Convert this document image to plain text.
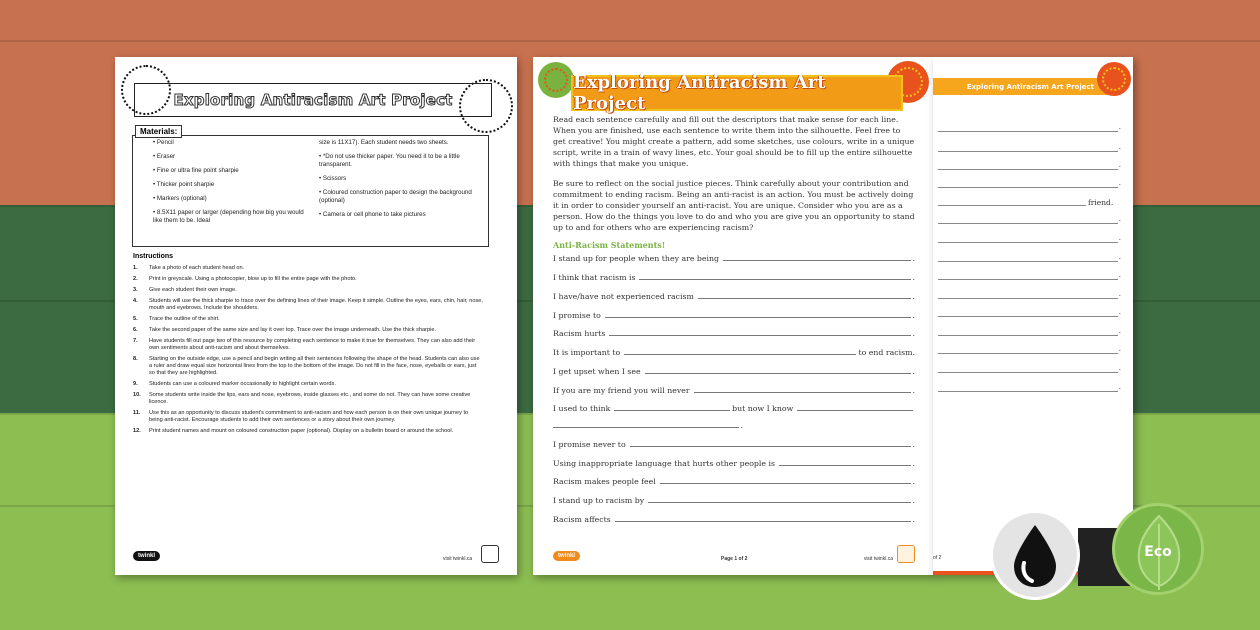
Exploring Antiracism Art Project
Materials:
• Pencil
• Eraser
• Fine or ultra fine point sharpie
• Thicker point sharpie
• Markers (optional)
• 8.5X11 paper or larger (depending how big you would like them to be. Ideal
size is 11X17). Each student needs two sheets.
• *Do not use thicker paper. You need it to be a little transparent.
• Scissors
• Coloured construction paper to design the background (optional)
• Camera or cell phone to take pictures
Instructions
1.	Take a photo of each student head on.
2.	Print in greyscale. Using a photocopier, blow up to fill the entire page with the photo.
3.	Give each student their own image.
4.	Students will use the thick sharpie to trace over the defining lines of their image. Keep it simple. Outline the eyes, ears, chin, hair, nose, mouth and eyebrows. Include the shoulders.
5.	Trace the outline of the shirt.
6.	Take the second paper of the same size and lay it over top. Trace over the image underneath. Use the thick sharpie.
7.	Have students fill out page two of this resource by completing each sentence to make it true for themselves. They can also add their own sentiments about anti-racism and about themselves.
8.	Starting on the outside edge, use a pencil and begin writing all their sentences following the shape of the head. Students can also use a ruler and draw equal size horizontal lines from the top to the bottom of the image. Do not fill in the face, nose, eyeballs or ears, just so that they are highlighted.
9.	Students can use a coloured marker occasionally to highlight certain words.
10.	Some students write inside the lips, ears and nose, eyebrows, inside glasses etc., and some do not. They can have some creative licence.
11.	Use this as an opportunity to discuss student's commitment to anti-racism and how each person is on their own unique journey to being anti-racist. Encourage students to add their own sentences or a story about their own journey.
12.	Print student names and mount on coloured construction paper (optional). Display on a bulletin board or around the school.
twinkl	visit twinkl.ca
Exploring Antiracism Art Project
Read each sentence carefully and fill out the descriptors that make sense for each line. When you are finished, use each sentence to write them into the silhouette. Feel free to get creative! You might create a pattern, add some sketches, use colours, write in a unique script, write in a train of wavy lines, etc. Your goal should be to fill up the entire silhouette with things that make you unique.
Be sure to reflect on the social justice pieces. Think carefully about your contribution and commitment to ending racism. Being an anti-racist is an action. You must be actively doing it in order to consider yourself an anti-racist. You are unique. Consider who you are as a person. How do the things you love to do and who you are give you an opportunity to stand up to and for others who are experiencing racism?
Anti-Racism Statements!
I stand up for people when they are being	.
I think that racism is	.
I have/have not experienced racism	.
I promise to	.
Racism hurts	.
It is important to	to end racism.
I get upset when I see	.
If you are my friend you will never	.
I used to think	but now I know
.
I promise never to	.
Using inappropriate language that hurts other people is	.
Racism makes people feel	.
I stand up to racism by	.
Racism affects	.
twinkl	Page 1 of 2	visit twinkl.ca
Exploring Antiracism Art Project
friend.
.
.
.
.
.
.
.
.
.
.
.
.
.
.
of 2	Eco
